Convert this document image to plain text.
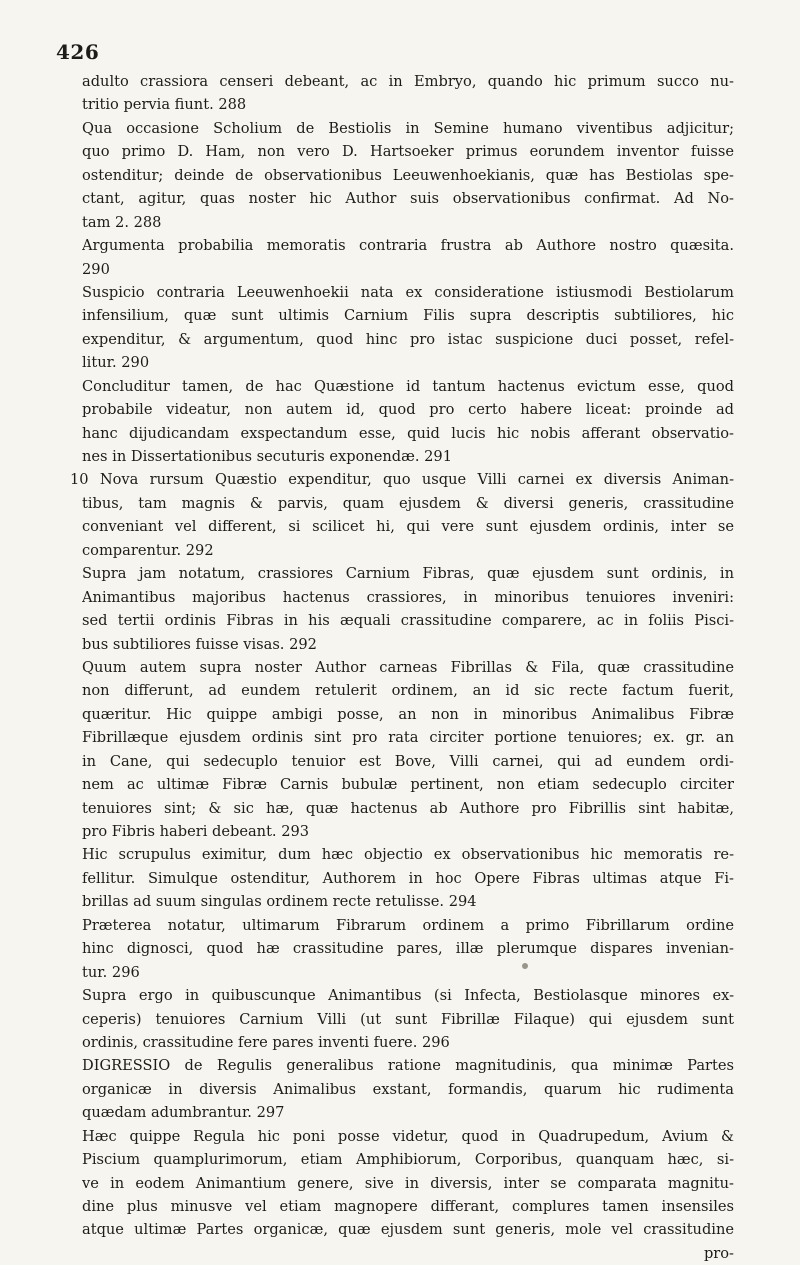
426
adulto crassiora censeri debeant, ac in Embryo, quando hic primum succo nu-
tritio pervia fiunt. 288
Qua occasione Scholium de Bestiolis in Semine humano viventibus adjicitur;
quo primo D. Ham, non vero D. Hartsoeker primus eorundem inventor fuisse
ostenditur; deinde de observationibus Leeuwenhoekianis, quæ has Bestiolas spe-
ctant, agitur, quas noster hic Author suis observationibus confirmat. Ad No-
tam 2. 288
Argumenta probabilia memoratis contraria frustra ab Authore nostro quæsita.
290
Suspicio contraria Leeuwenhoekii nata ex consideratione istiusmodi Bestiolarum
infensilium, quæ sunt ultimis Carnium Filis supra descriptis subtiliores, hic
expenditur, & argumentum, quod hinc pro istac suspicione duci posset, refel-
litur. 290
Concluditur tamen, de hac Quæstione id tantum hactenus evictum esse, quod
probabile videatur, non autem id, quod pro certo habere liceat: proinde ad
hanc dijudicandam exspectandum esse, quid lucis hic nobis afferant observatio-
nes in Dissertationibus secuturis exponendæ. 291
10 Nova rursum Quæstio expenditur, quo usque Villi carnei ex diversis Animan-
tibus, tam magnis & parvis, quam ejusdem & diversi generis, crassitudine
conveniant vel different, si scilicet hi, qui vere sunt ejusdem ordinis, inter se
comparentur. 292
Supra jam notatum, crassiores Carnium Fibras, quæ ejusdem sunt ordinis, in
Animantibus majoribus hactenus crassiores, in minoribus tenuiores inveniri:
sed tertii ordinis Fibras in his æquali crassitudine comparere, ac in foliis Pisci-
bus subtiliores fuisse visas. 292
Quum autem supra noster Author carneas Fibrillas & Fila, quæ crassitudine
non differunt, ad eundem retulerit ordinem, an id sic recte factum fuerit,
quæritur. Hic quippe ambigi posse, an non in minoribus Animalibus Fibræ
Fibrillæque ejusdem ordinis sint pro rata circiter portione tenuiores; ex. gr. an
in Cane, qui sedecuplo tenuior est Bove, Villi carnei, qui ad eundem ordi-
nem ac ultimæ Fibræ Carnis bubulæ pertinent, non etiam sedecuplo circiter
tenuiores sint; & sic hæ, quæ hactenus ab Authore pro Fibrillis sint habitæ,
pro Fibris haberi debeant. 293
Hic scrupulus eximitur, dum hæc objectio ex observationibus hic memoratis re-
fellitur. Simulque ostenditur, Authorem in hoc Opere Fibras ultimas atque Fi-
brillas ad suum singulas ordinem recte retulisse. 294
Præterea notatur, ultimarum Fibrarum ordinem a primo Fibrillarum ordine
hinc dignosci, quod hæ crassitudine pares, illæ plerumque dispares invenian-
tur. 296
Supra ergo in quibuscunque Animantibus (si Infecta, Bestiolasque minores ex-
ceperis) tenuiores Carnium Villi (ut sunt Fibrillæ Filaque) qui ejusdem sunt
ordinis, crassitudine fere pares inventi fuere. 296
DIGRESSIO de Regulis generalibus ratione magnitudinis, qua minimæ Partes
organicæ in diversis Animalibus exstant, formandis, quarum hic rudimenta
quædam adumbrantur. 297
Hæc quippe Regula hic poni posse videtur, quod in Quadrupedum, Avium &
Piscium quamplurimorum, etiam Amphibiorum, Corporibus, quanquam hæc, si-
ve in eodem Animantium genere, sive in diversis, inter se comparata magnitu-
dine plus minusve vel etiam magnopere differant, complures tamen insensiles
atque ultimæ Partes organicæ, quæ ejusdem sunt generis, mole vel crassitudine
pro-
